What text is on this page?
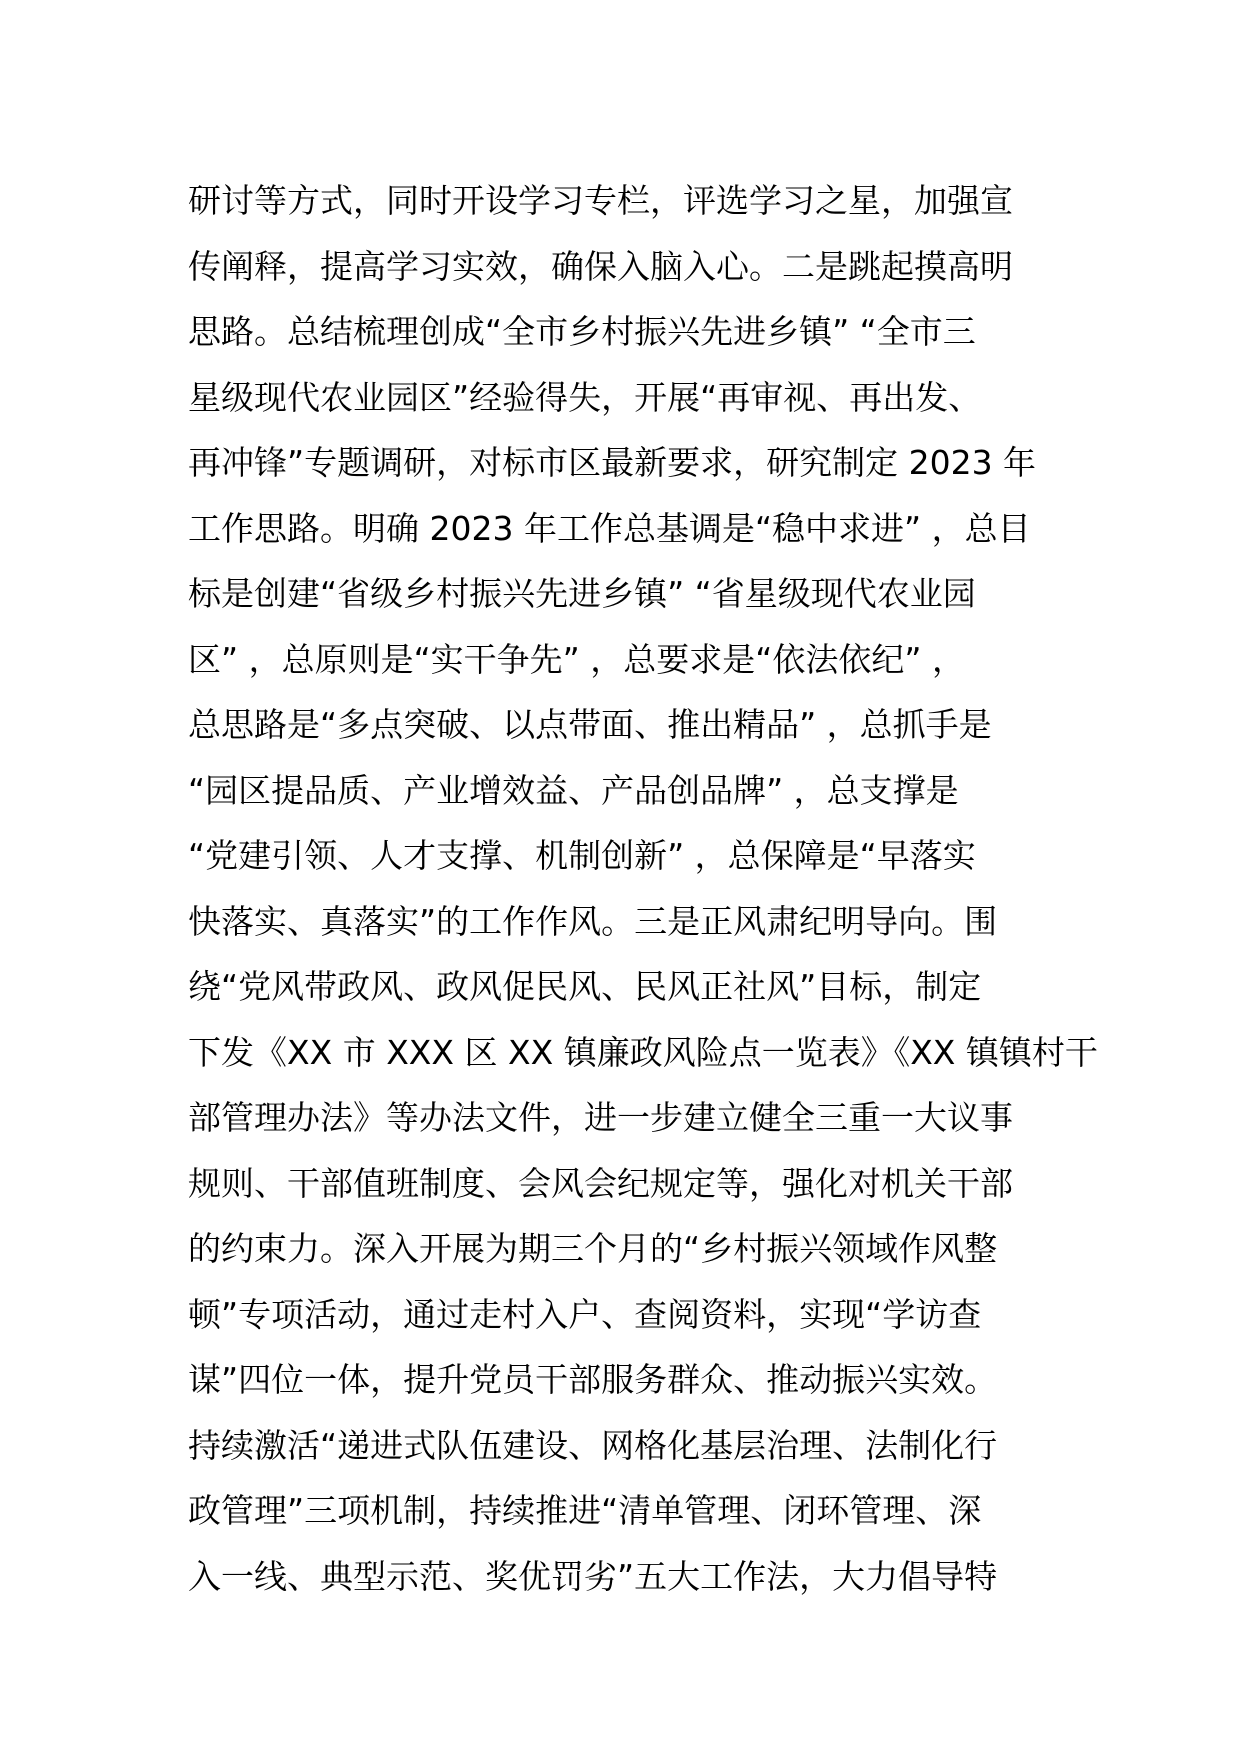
研讨等方式，同时开设学习专栏，评选学习之星，加强宣
传阐释，提高学习实效，确保入脑入心。二是跳起摸高明
思路。总结梳理创成“全市乡村振兴先进乡镇” “全市三
星级现代农业园区”经验得失，开展“再审视、再出发、
再冲锋”专题调研，对标市区最新要求，研究制定 2023 年
工作思路。明确 2023 年工作总基调是“稳中求进” ，总目
标是创建“省级乡村振兴先进乡镇” “省星级现代农业园
区” ，总原则是“实干争先” ，总要求是“依法依纪” ，
总思路是“多点突破、以点带面、推出精品” ，总抓手是
“园区提品质、产业增效益、产品创品牌” ，总支撑是
“党建引领、人才支撑、机制创新” ，总保障是“早落实
快落实、真落实”的工作作风。三是正风肃纪明导向。围
绕“党风带政风、政风促民风、民风正社风”目标，制定
下发《XX 市 XXX 区 XX 镇廉政风险点一览表》《XX 镇镇村干
部管理办法》等办法文件，进一步建立健全三重一大议事
规则、干部值班制度、会风会纪规定等，强化对机关干部
的约束力。深入开展为期三个月的“乡村振兴领域作风整
顿”专项活动，通过走村入户、查阅资料，实现“学访查
谋”四位一体，提升党员干部服务群众、推动振兴实效。
持续激活“递进式队伍建设、网格化基层治理、法制化行
政管理”三项机制，持续推进“清单管理、闭环管理、深
入一线、典型示范、奖优罚劣”五大工作法，大力倡导特
